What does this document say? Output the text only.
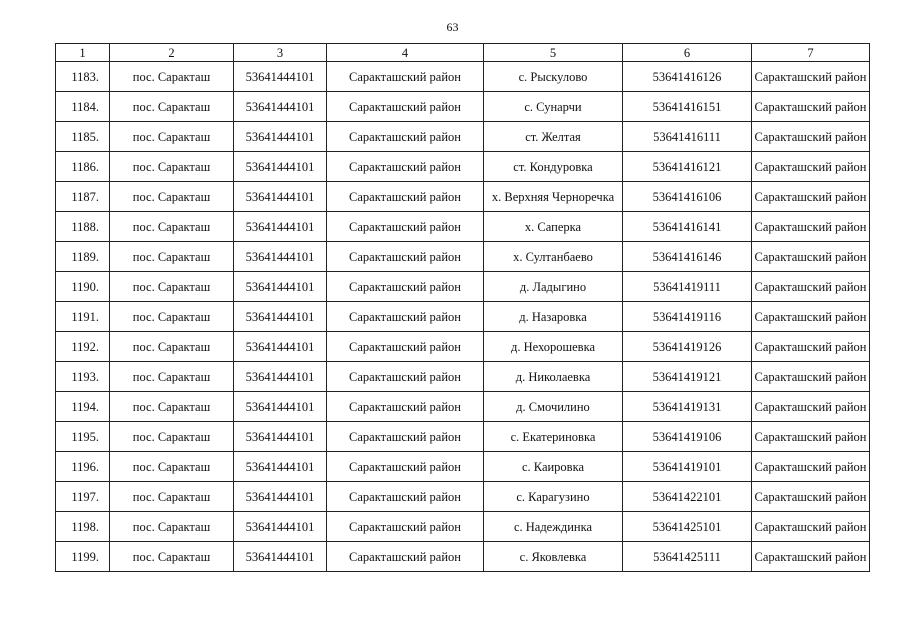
63
1	2	3	4	5	6	7
1183.	пос. Саракташ	53641444101	Саракташский район	с. Рыскулово	53641416126	Саракташский район
1184.	пос. Саракташ	53641444101	Саракташский район	с. Сунарчи	53641416151	Саракташский район
1185.	пос. Саракташ	53641444101	Саракташский район	ст. Желтая	53641416111	Саракташский район
1186.	пос. Саракташ	53641444101	Саракташский район	ст. Кондуровка	53641416121	Саракташский район
1187.	пос. Саракташ	53641444101	Саракташский район	х. Верхняя Черноречка	53641416106	Саракташский район
1188.	пос. Саракташ	53641444101	Саракташский район	х. Саперка	53641416141	Саракташский район
1189.	пос. Саракташ	53641444101	Саракташский район	х. Султанбаево	53641416146	Саракташский район
1190.	пос. Саракташ	53641444101	Саракташский район	д. Ладыгино	53641419111	Саракташский район
1191.	пос. Саракташ	53641444101	Саракташский район	д. Назаровка	53641419116	Саракташский район
1192.	пос. Саракташ	53641444101	Саракташский район	д. Нехорошевка	53641419126	Саракташский район
1193.	пос. Саракташ	53641444101	Саракташский район	д. Николаевка	53641419121	Саракташский район
1194.	пос. Саракташ	53641444101	Саракташский район	д. Смочилино	53641419131	Саракташский район
1195.	пос. Саракташ	53641444101	Саракташский район	с. Екатериновка	53641419106	Саракташский район
1196.	пос. Саракташ	53641444101	Саракташский район	с. Каировка	53641419101	Саракташский район
1197.	пос. Саракташ	53641444101	Саракташский район	с. Карагузино	53641422101	Саракташский район
1198.	пос. Саракташ	53641444101	Саракташский район	с. Надеждинка	53641425101	Саракташский район
1199.	пос. Саракташ	53641444101	Саракташский район	с. Яковлевка	53641425111	Саракташский район
